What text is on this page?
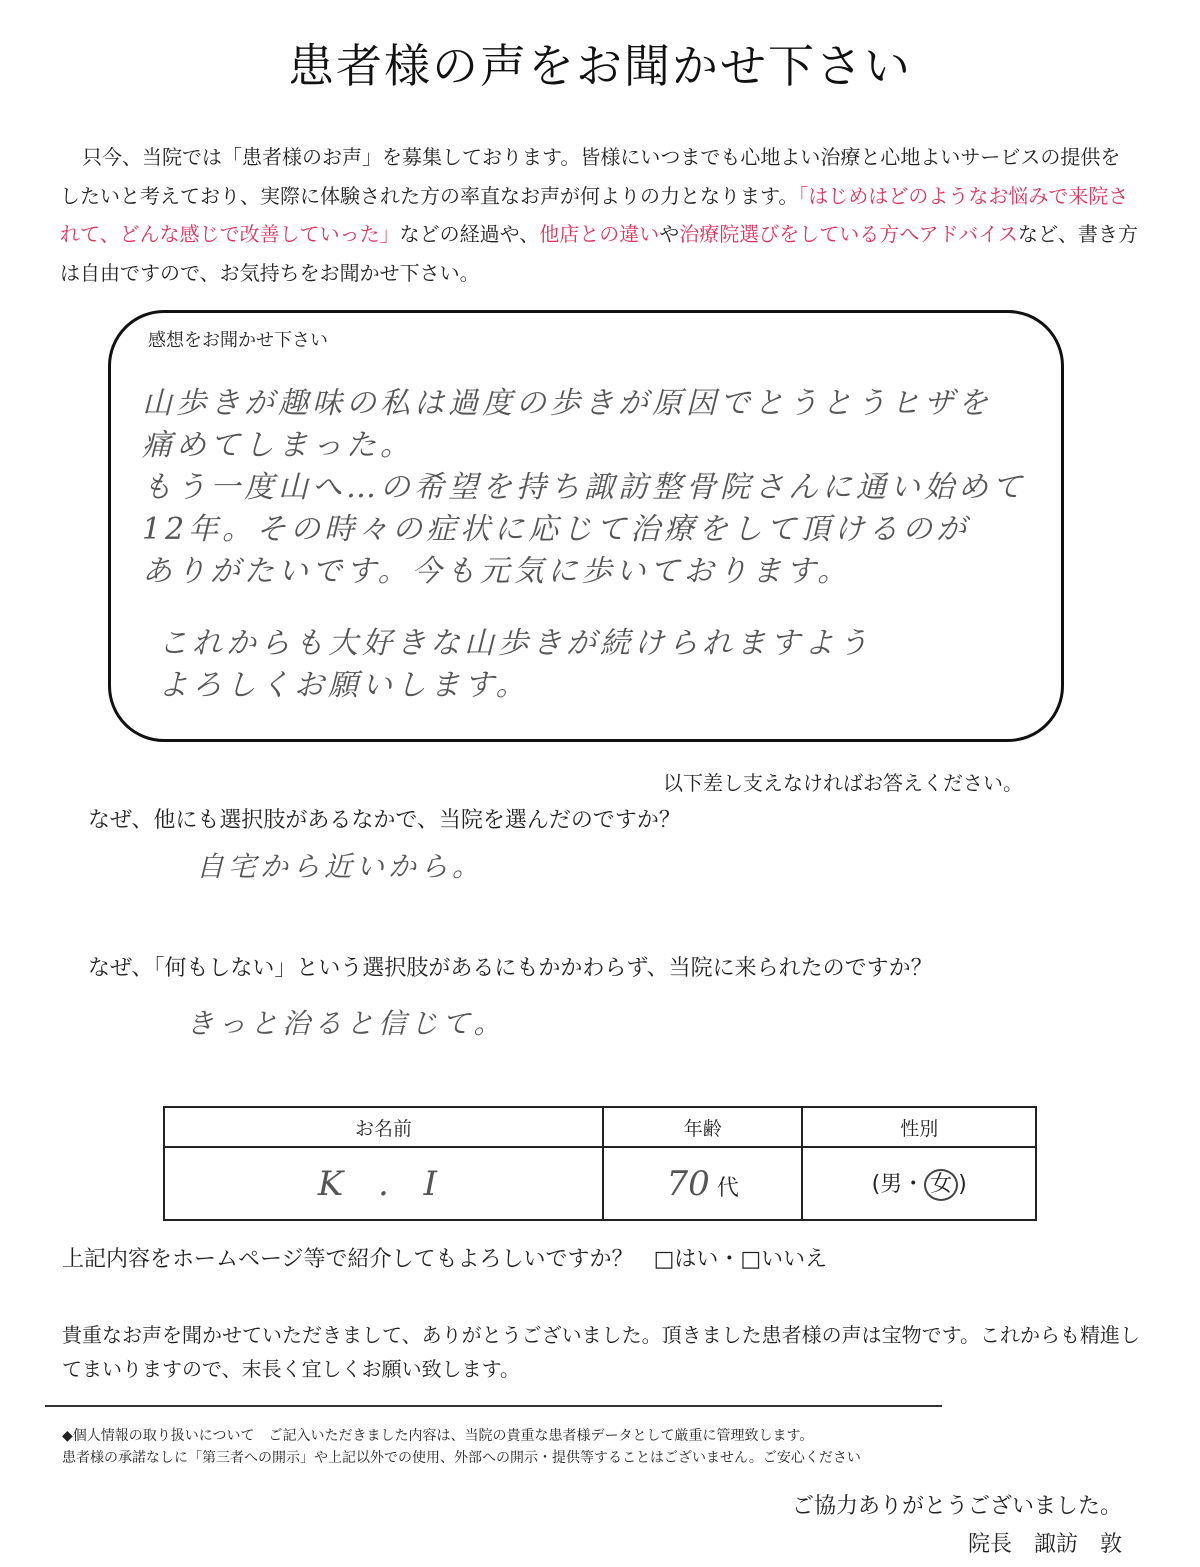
患者様の声をお聞かせ下さい
只今、当院では「患者様のお声」を募集しております。皆様にいつまでも心地よい治療と心地よいサービスの提供をしたいと考えており、実際に体験された方の率直なお声が何よりの力となります。「はじめはどのようなお悩みで来院されて、どんな感じで改善していった」などの経過や、他店との違いや治療院選びをしている方へアドバイスなど、書き方は自由ですので、お気持ちをお聞かせ下さい。
感想をお聞かせ下さい
山歩きが趣味の私は過度の歩きが原因でとうとうヒザを
痛めてしまった。
もう一度山へ…の希望を持ち諏訪整骨院さんに通い始めて
12年。その時々の症状に応じて治療をして頂けるのが
ありがたいです。今も元気に歩いております。
これからも大好きな山歩きが続けられますよう
よろしくお願いします。
以下差し支えなければお答えください。
なぜ、他にも選択肢があるなかで、当院を選んだのですか？
自宅から近いから。
なぜ、「何もしない」という選択肢があるにもかかわらず、当院に来られたのですか？
きっと治ると信じて。
お名前	年齢	性別
K . I	70 代	(男・ 女 )
上記内容をホームページ等で紹介してもよろしいですか？ □はい・□いいえ
貴重なお声を聞かせていただきまして、ありがとうございました。頂きました患者様の声は宝物です。これからも精進してまいりますので、末長く宜しくお願い致します。
◆個人情報の取り扱いについて　ご記入いただきました内容は、当院の貴重な患者様データとして厳重に管理致します。
患者様の承諾なしに「第三者への開示」や上記以外での使用、外部への開示・提供等することはございません。ご安心ください
ご協力ありがとうございました。
院長　諏訪　敦
